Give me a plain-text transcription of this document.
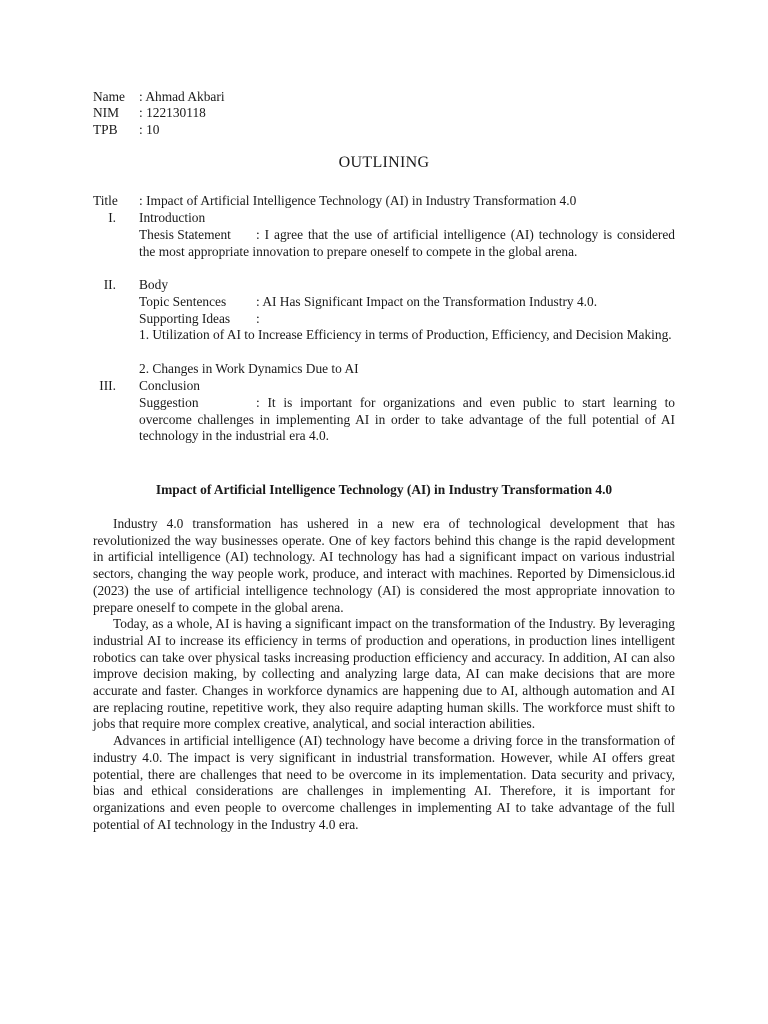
Name : Ahmad Akbari
NIM : 122130118
TPB : 10
OUTLINING
Title : Impact of Artificial Intelligence Technology (AI) in Industry Transformation 4.0
I. Introduction
Thesis Statement : I agree that the use of artificial intelligence (AI) technology is considered the most appropriate innovation to prepare oneself to compete in the global arena.
II. Body
Topic Sentences : AI Has Significant Impact on the Transformation Industry 4.0.
Supporting Ideas :
1. Utilization of AI to Increase Efficiency in terms of Production, Efficiency, and Decision Making.
2. Changes in Work Dynamics Due to AI
III. Conclusion
Suggestion	: It is important for organizations and even public to start learning to overcome challenges in implementing AI in order to take advantage of the full potential of AI technology in the industrial era 4.0.
Impact of Artificial Intelligence Technology (AI) in Industry Transformation 4.0

Industry 4.0 transformation has ushered in a new era of technological development that has revolutionized the way businesses operate. One of key factors behind this change is the rapid development in artificial intelligence (AI) technology. AI technology has had a significant impact on various industrial sectors, changing the way people work, produce, and interact with machines. Reported by Dimensiclous.id (2023) the use of artificial intelligence technology (AI) is considered the most appropriate innovation to prepare oneself to compete in the global arena.

Today, as a whole, AI is having a significant impact on the transformation of the Industry. By leveraging industrial AI to increase its efficiency in terms of production and operations, in production lines intelligent robotics can take over physical tasks increasing production efficiency and accuracy. In addition, AI can also improve decision making, by collecting and analyzing large data, AI can make decisions that are more accurate and faster. Changes in workforce dynamics are happening due to AI, although automation and AI are replacing routine, repetitive work, they also require adapting human skills. The workforce must shift to jobs that require more complex creative, analytical, and social interaction abilities.

Advances in artificial intelligence (AI) technology have become a driving force in the transformation of industry 4.0. The impact is very significant in industrial transformation. However, while AI offers great potential, there are challenges that need to be overcome in its implementation. Data security and privacy, bias and ethical considerations are challenges in implementing AI. Therefore, it is important for organizations and even people to overcome challenges in implementing AI to take advantage of the full potential of AI technology in the Industry 4.0 era.
